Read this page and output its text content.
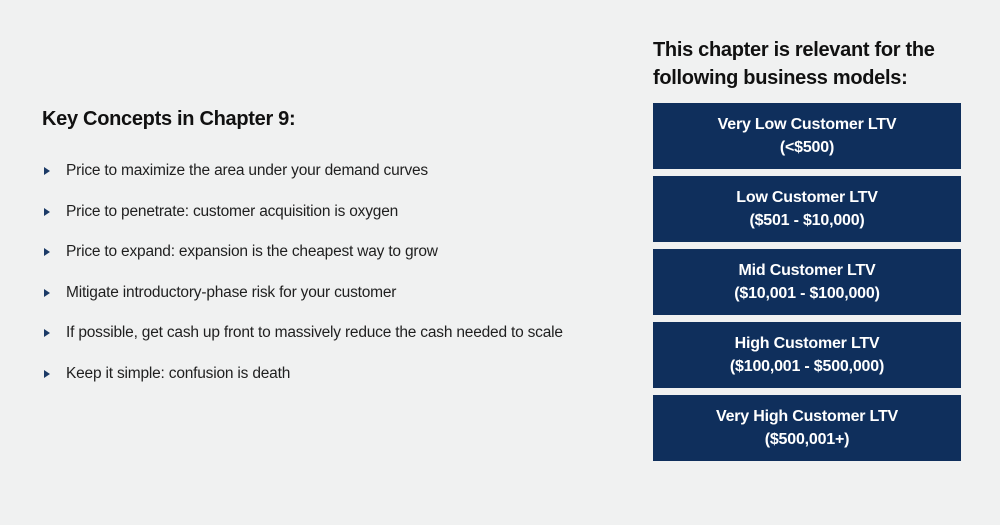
Key Concepts in Chapter 9:
Price to maximize the area under your demand curves
Price to penetrate: customer acquisition is oxygen
Price to expand: expansion is the cheapest way to grow
Mitigate introductory-phase risk for your customer
If possible, get cash up front to massively reduce the cash needed to scale
Keep it simple: confusion is death
This chapter is relevant for the
following business models:
Very Low Customer LTV
(<$500)
Low Customer LTV
($501 - $10,000)
Mid Customer LTV
($10,001 - $100,000)
High Customer LTV
($100,001 - $500,000)
Very High Customer LTV
($500,001+)
